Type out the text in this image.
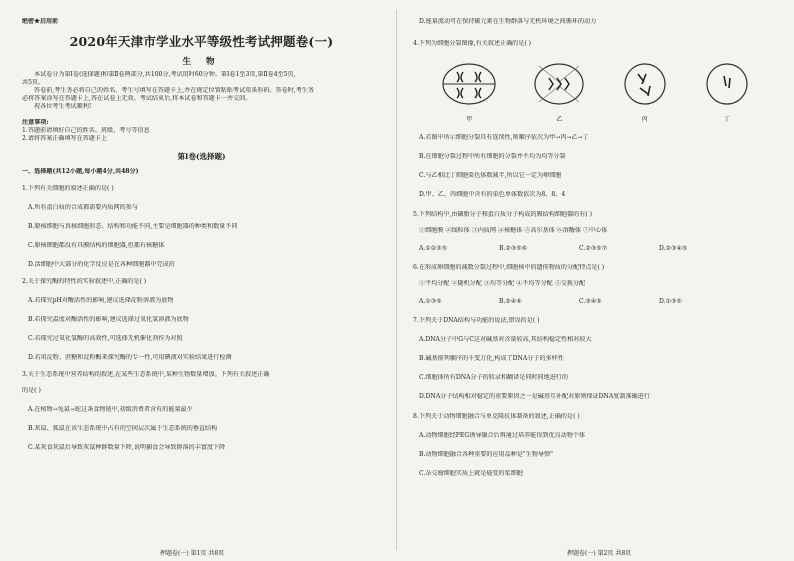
绝密★启用前
2020年天津市学业水平等级性考试押题卷(一)
生 物
本试卷分为第Ⅰ卷(选择题)和第Ⅱ卷两部分,共100分,考试用时60分钟。第Ⅰ卷1至3页,第Ⅱ卷4至5页,
共5页。
答卷前,考生务必将自己的姓名、考生号填写在答题卡上,并在规定位置粘贴考试用条形码。答卷时,考生务
必将答案涂写在答题卡上,答在试卷上无效。考试结束后,将本试卷和答题卡一并交回。
祝各位考生考试顺利!
注意事项:
1.答题前请填好自己的姓名、班级、考号等信息
2.请将答案正确填写在答题卡上
第Ⅰ卷(选择题)
一、选择题(共12小题,每小题4分,共48分)
1.下列有关细胞的叙述正确的是( )
A.所有蛋白质的合成都需要内质网的参与
B.原核细胞与真核细胞形态、结构和功能不同,主要是细胞器的种类和数量不同
C.原核细胞都没有具膜结构的细胞器,但都有核糖体
D.活细胞中大部分的化学反应是在各种细胞器中完成的
2.关于探究酶的特性的实验叙述中,正确的是( )
A.若探究pH对酶活性的影响,建议选择淀粉溶液为底物
B.若探究温度对酶活性的影响,建议选择过氧化氢溶液为底物
C.若探究过氧化氢酶的高效性,可选择无机催化剂作为对照
D.若用淀粉、蔗糖和淀粉酶来探究酶的专一性,可用碘液对实验结果进行检测
3.关于生态系统中营养结构的叙述,在某些生态系统中,某种生物数量增加。下列有关叙述正确
的是( )
A.在植物→兔鼠→蛇这条食物链中,初级消费者含有的能量最少
B.灰鼠、狐鼠在该生态系统中占有的空间层次属于生态系统的垂直结构
C.某灰食灰鼠后导致灰鼠种群数量下降,说明捕食会导致群落的丰富度下降
押题卷(一) 第1页 共8页
D.能量流动可在保持碳元素在生物群落与无机环境之间循环的动力
4.下列为细胞分裂图像,有关叙述正确的是( )
甲	乙	丙	丁
A.若图中所示细胞分裂具有连续性,则顺序依次为甲→丙→乙→丁
B.在细胞分裂过程中所有细胞的分裂并不均为均等分裂
C.与乙相比丁细胞染色体数减半,所以它一定为卵细胞
D.甲、乙、丙细胞中含有的染色单体数依次为8、8、4
5.下列结构中,由磷脂分子和蛋白质分子构成的膜结构细胞器的有( )
①细胞膜 ②线粒体 ③内质网 ④核糖体 ⑤高尔基体 ⑥溶酶体 ⑦中心体
A.①②③⑤	B.②③⑤⑥	C.②③⑤⑦	D.②③④⑤
6.在形成卵细胞的减数分裂过程中,细胞核中的遗传物质的分配特点是( )
①平均分配 ②随机分配 ③均等分配 ④不均等分配 ⑤交换分配
A.①③⑤	B.②④⑥	C.③④⑤	D.①③⑤
7.下列关于DNA结构与功能的说法,错误的是( )
A.DNA分子中G与C这对碱基对含量较高,其结构稳定性相对较大
B.碱基排列顺序的千变万化,构成了DNA分子的多样性
C.细胞体所有DNA分子的转录和翻译是同时同地进行的
D.DNA分子结构相对稳定的重要原因之一是碱基互补配对原则保证DNA复制准确进行
8.下列关于动物细胞融合与单克隆抗体制备的叙述,正确的是( )
A.动物细胞经PEG诱导融合后再通过培养能得到优良动物个体
B.动物细胞融合各种重要的应用品种是"生物导弹"
C.杂交瘤细胞实质上就是癌变的浆细胞
押题卷(一) 第2页 共8页
